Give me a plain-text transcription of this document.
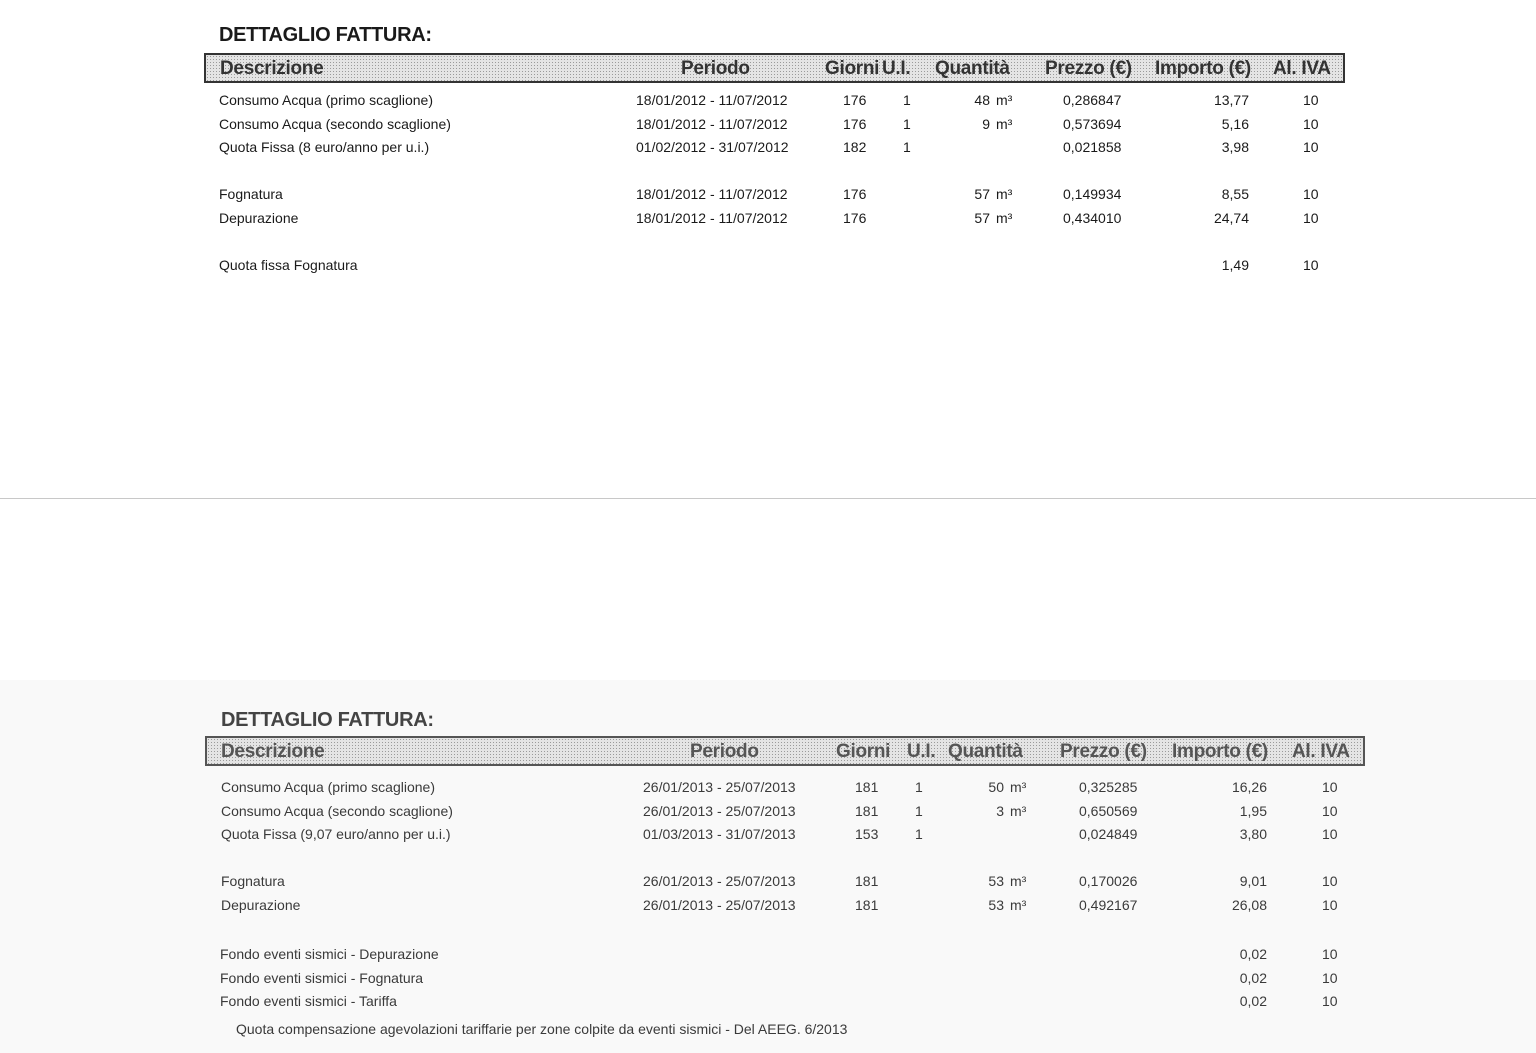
DETTAGLIO FATTURA:
Descrizione	Periodo	Giorni U.I. Quantità Prezzo (€) Importo (€) Al. IVA
Consumo Acqua (primo scaglione)	18/01/2012 - 11/07/2012	176	1	48 m³	0,286847	13,77	10
Consumo Acqua (secondo scaglione)	18/01/2012 - 11/07/2012	176	1	9 m³	0,573694	5,16	10
Quota Fissa (8 euro/anno per u.i.)	01/02/2012 - 31/07/2012	182	1	0,021858	3,98	10
Fognatura	18/01/2012 - 11/07/2012	176	57 m³	0,149934	8,55	10
Depurazione	18/01/2012 - 11/07/2012	176	57 m³	0,434010	24,74	10
Quota fissa Fognatura	1,49	10
DETTAGLIO FATTURA:
Descrizione	Periodo	Giorni U.I. Quantità Prezzo (€) Importo (€) Al. IVA
Consumo Acqua (primo scaglione)	26/01/2013 - 25/07/2013	181	1	50 m³	0,325285	16,26	10
Consumo Acqua (secondo scaglione)	26/01/2013 - 25/07/2013	181	1	3 m³	0,650569	1,95	10
Quota Fissa (9,07 euro/anno per u.i.)	01/03/2013 - 31/07/2013	153	1	0,024849	3,80	10
Fognatura	26/01/2013 - 25/07/2013	181	53 m³	0,170026	9,01	10
Depurazione	26/01/2013 - 25/07/2013	181	53 m³	0,492167	26,08	10
Fondo eventi sismici - Depurazione	0,02	10
Fondo eventi sismici - Fognatura	0,02	10
Fondo eventi sismici - Tariffa	0,02	10
Quota compensazione agevolazioni tariffarie per zone colpite da eventi sismici - Del AEEG. 6/2013
